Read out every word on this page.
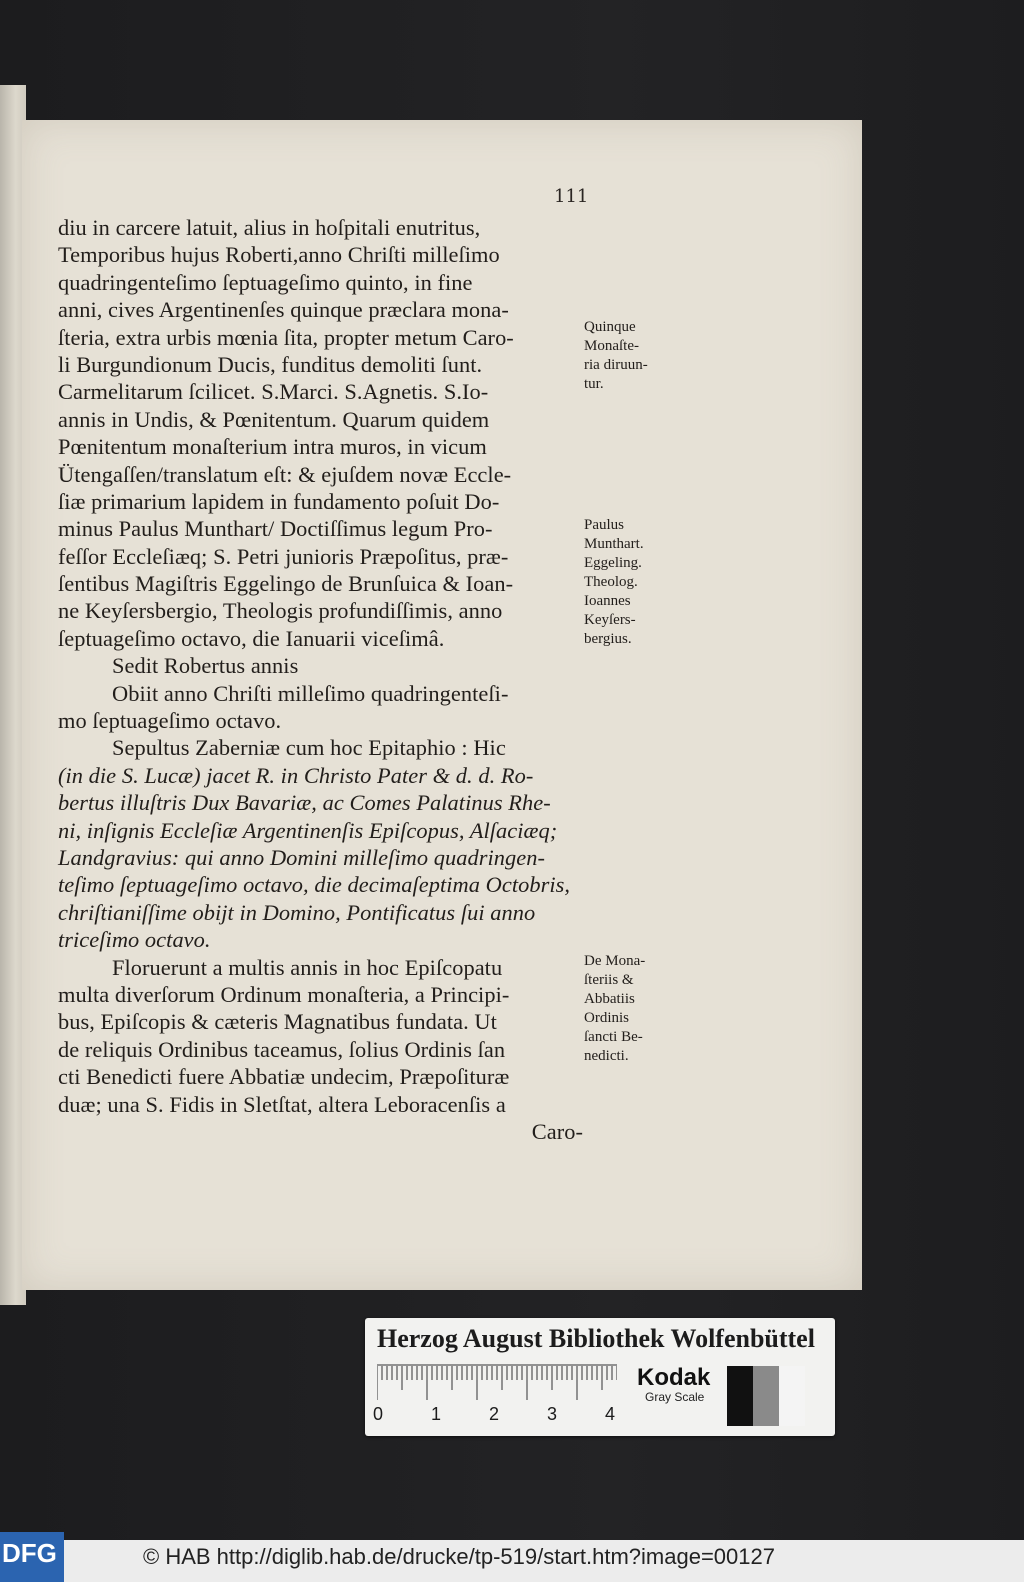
111
diu in carcere latuit, alius in hoſpitali enutritus,
Temporibus hujus Roberti,anno Chriſti milleſimo
quadringenteſimo ſeptuageſimo quinto, in fine
anni, cives Argentinenſes quinque præclara mona-
ſteria, extra urbis mœnia ſita, propter metum Caro-
li Burgundionum Ducis, funditus demoliti ſunt.
Carmelitarum ſcilicet. S.Marci. S.Agnetis. S.Io-
annis in Undis, & Pœnitentum. Quarum quidem
Pœnitentum monaſterium intra muros, in vicum
Ütengaſſen/translatum eſt: & ejuſdem novæ Eccle-
ſiæ primarium lapidem in fundamento poſuit Do-
minus Paulus Munthart/ Doctiſſimus legum Pro-
feſſor Eccleſiæq; S. Petri junioris Præpoſitus, præ-
ſentibus Magiſtris Eggelingo de Brunſuica & Ioan-
ne Keyſersbergio, Theologis profundiſſimis, anno
ſeptuageſimo octavo, die Ianuarii viceſimâ.
Sedit Robertus annis
Obiit anno Chriſti milleſimo quadringenteſi-
mo ſeptuageſimo octavo.
Sepultus Zaberniæ cum hoc Epitaphio : Hic
(in die S. Lucæ) jacet R. in Christo Pater & d. d. Ro-
bertus illuſtris Dux Bavariæ, ac Comes Palatinus Rhe-
ni, inſignis Eccleſiæ Argentinenſis Epiſcopus, Alſaciæq;
Landgravius: qui anno Domini milleſimo quadringen-
teſimo ſeptuageſimo octavo, die decimaſeptima Octobris,
chriſtianiſſime obijt in Domino, Pontificatus ſui anno
triceſimo octavo.
Floruerunt a multis annis in hoc Epiſcopatu
multa diverſorum Ordinum monaſteria, a Principi-
bus, Epiſcopis & cæteris Magnatibus fundata. Ut
de reliquis Ordinibus taceamus, ſolius Ordinis ſan
cti Benedicti fuere Abbatiæ undecim, Præpoſituræ
duæ; una S. Fidis in Sletſtat, altera Leboracenſis a
Caro-
Quinque
Monaſte-
ria diruun-
tur.
Paulus
Munthart.
Eggeling.
Theolog.
Ioannes
Keyſers-
bergius.
De Mona-
ſteriis &
Abbatiis
Ordinis
ſancti Be-
nedicti.
Herzog August Bibliothek Wolfenbüttel
0	1	2	3	4
Kodak
Gray Scale
DFG	© HAB http://diglib.hab.de/drucke/tp-519/start.htm?image=00127
